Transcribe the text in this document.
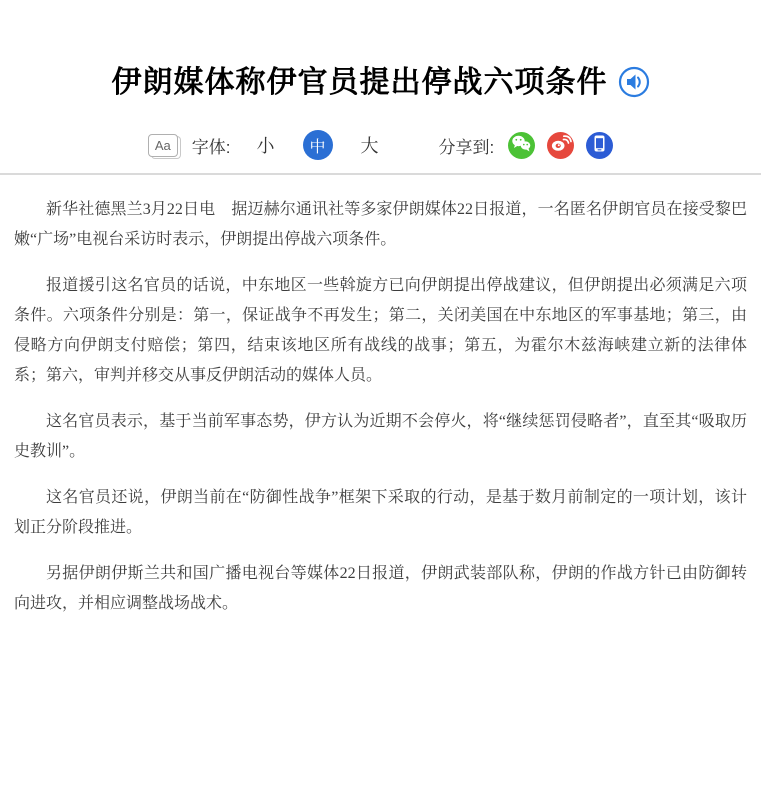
伊朗媒体称伊官员提出停战六项条件
Aa	字体:	小	中	大	分享到:

新华社德黑兰3月22日电　据迈赫尔通讯社等多家伊朗媒体22日报道，一名匿名伊朗官员在接受黎巴嫩“广场”电视台采访时表示，伊朗提出停战六项条件。

报道援引这名官员的话说，中东地区一些斡旋方已向伊朗提出停战建议，但伊朗提出必须满足六项条件。六项条件分别是：第一，保证战争不再发生；第二，关闭美国在中东地区的军事基地；第三，由侵略方向伊朗支付赔偿；第四，结束该地区所有战线的战事；第五，为霍尔木兹海峡建立新的法律体系；第六，审判并移交从事反伊朗活动的媒体人员。

这名官员表示，基于当前军事态势，伊方认为近期不会停火，将“继续惩罚侵略者”，直至其“吸取历史教训”。

这名官员还说，伊朗当前在“防御性战争”框架下采取的行动，是基于数月前制定的一项计划，该计划正分阶段推进。

另据伊朗伊斯兰共和国广播电视台等媒体22日报道，伊朗武装部队称，伊朗的作战方针已由防御转向进攻，并相应调整战场战术。
